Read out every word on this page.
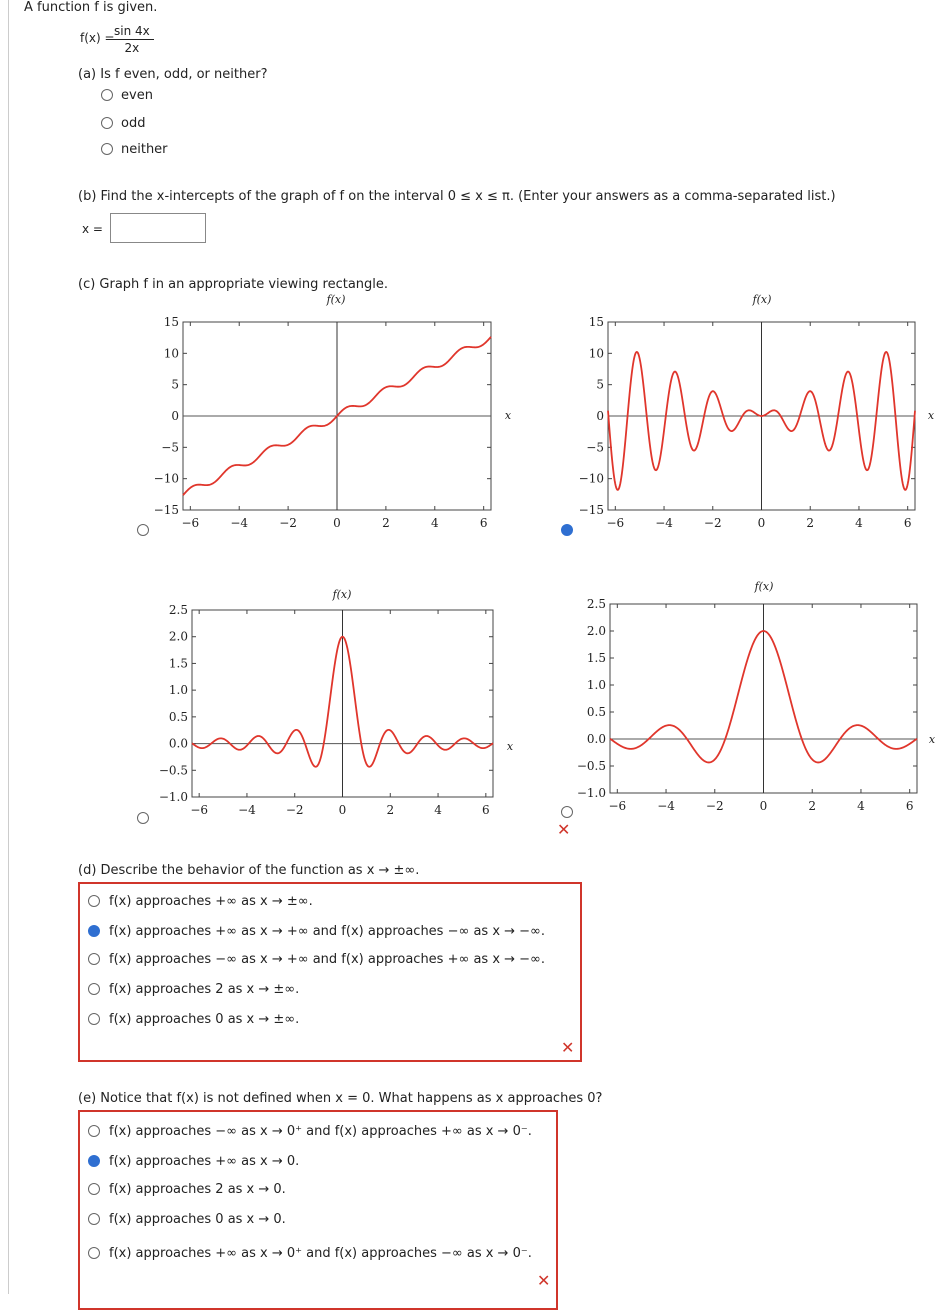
A function f is given.
f(x) =
$\frac{\sin 4x}{2x}$
(a) Is f even, odd, or neither?
even
odd
neither
(b) Find the x-intercepts of the graph of f on the interval 0 ≤ x ≤ π. (Enter your answers as a comma-separated list.)
x =
(c) Graph f in an appropriate viewing rectangle.
15
10
5
0
−5
−10
−15
−6	−4	−2	0	2	4	6
f(x)
x
15
10
5
0
−5
−10
−15
−6	−4	−2	0	2	4	6
f(x)
x
2.5
2.0
1.5
1.0
0.5
0.0
−0.5
−1.0
−6	−4	−2	0	2	4	6
f(x)
x
2.5
2.0
1.5
1.0
0.5
0.0
−0.5
−1.0
−6	−4	−2	0	2	4	6
f(x)
x
✕
(d) Describe the behavior of the function as x → ±∞.
f(x) approaches +∞ as x → ±∞.
f(x) approaches +∞ as x → +∞ and f(x) approaches −∞ as x → −∞.
f(x) approaches −∞ as x → +∞ and f(x) approaches +∞ as x → −∞.
f(x) approaches 2 as x → ±∞.
f(x) approaches 0 as x → ±∞.
✕
(e) Notice that f(x) is not defined when x = 0. What happens as x approaches 0?
f(x) approaches −∞ as x → 0⁺ and f(x) approaches +∞ as x → 0⁻.
f(x) approaches +∞ as x → 0.
f(x) approaches 2 as x → 0.
f(x) approaches 0 as x → 0.
f(x) approaches +∞ as x → 0⁺ and f(x) approaches −∞ as x → 0⁻.
✕
